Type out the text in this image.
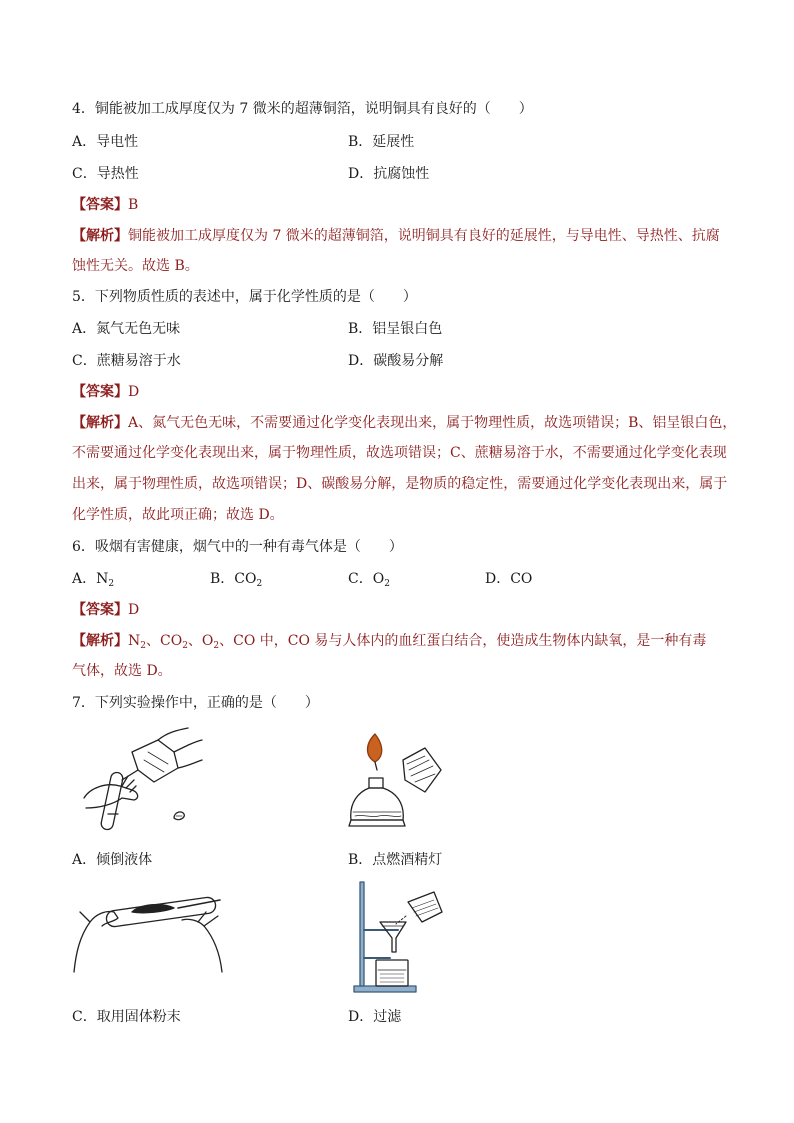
4．铜能被加工成厚度仅为 7 微米的超薄铜箔，说明铜具有良好的（　　）
A．导电性	B．延展性
C．导热性	D．抗腐蚀性
【答案】B
【解析】铜能被加工成厚度仅为 7 微米的超薄铜箔，说明铜具有良好的延展性，与导电性、导热性、抗腐
蚀性无关。故选 B。
5．下列物质性质的表述中，属于化学性质的是（　　）
A．氮气无色无味	B．铝呈银白色
C．蔗糖易溶于水	D．碳酸易分解
【答案】D
【解析】A、氮气无色无味，不需要通过化学变化表现出来，属于物理性质，故选项错误；B、铝呈银白色，
不需要通过化学变化表现出来，属于物理性质，故选项错误；C、蔗糖易溶于水，不需要通过化学变化表现
出来，属于物理性质，故选项错误；D、碳酸易分解，是物质的稳定性，需要通过化学变化表现出来，属于
化学性质，故此项正确；故选 D。
6．吸烟有害健康，烟气中的一种有毒气体是（　　）
A．$N_2$	B．$CO_2$	C．$O_2$	D．CO
【答案】D
【解析】$N_2$、$CO_2$、$O_2$、CO 中，CO 易与人体内的血红蛋白结合，使造成生物体内缺氧，是一种有毒
气体，故选 D。
7．下列实验操作中，正确的是（　　）
A．倾倒液体	B．点燃酒精灯
C．取用固体粉末	D．过滤
